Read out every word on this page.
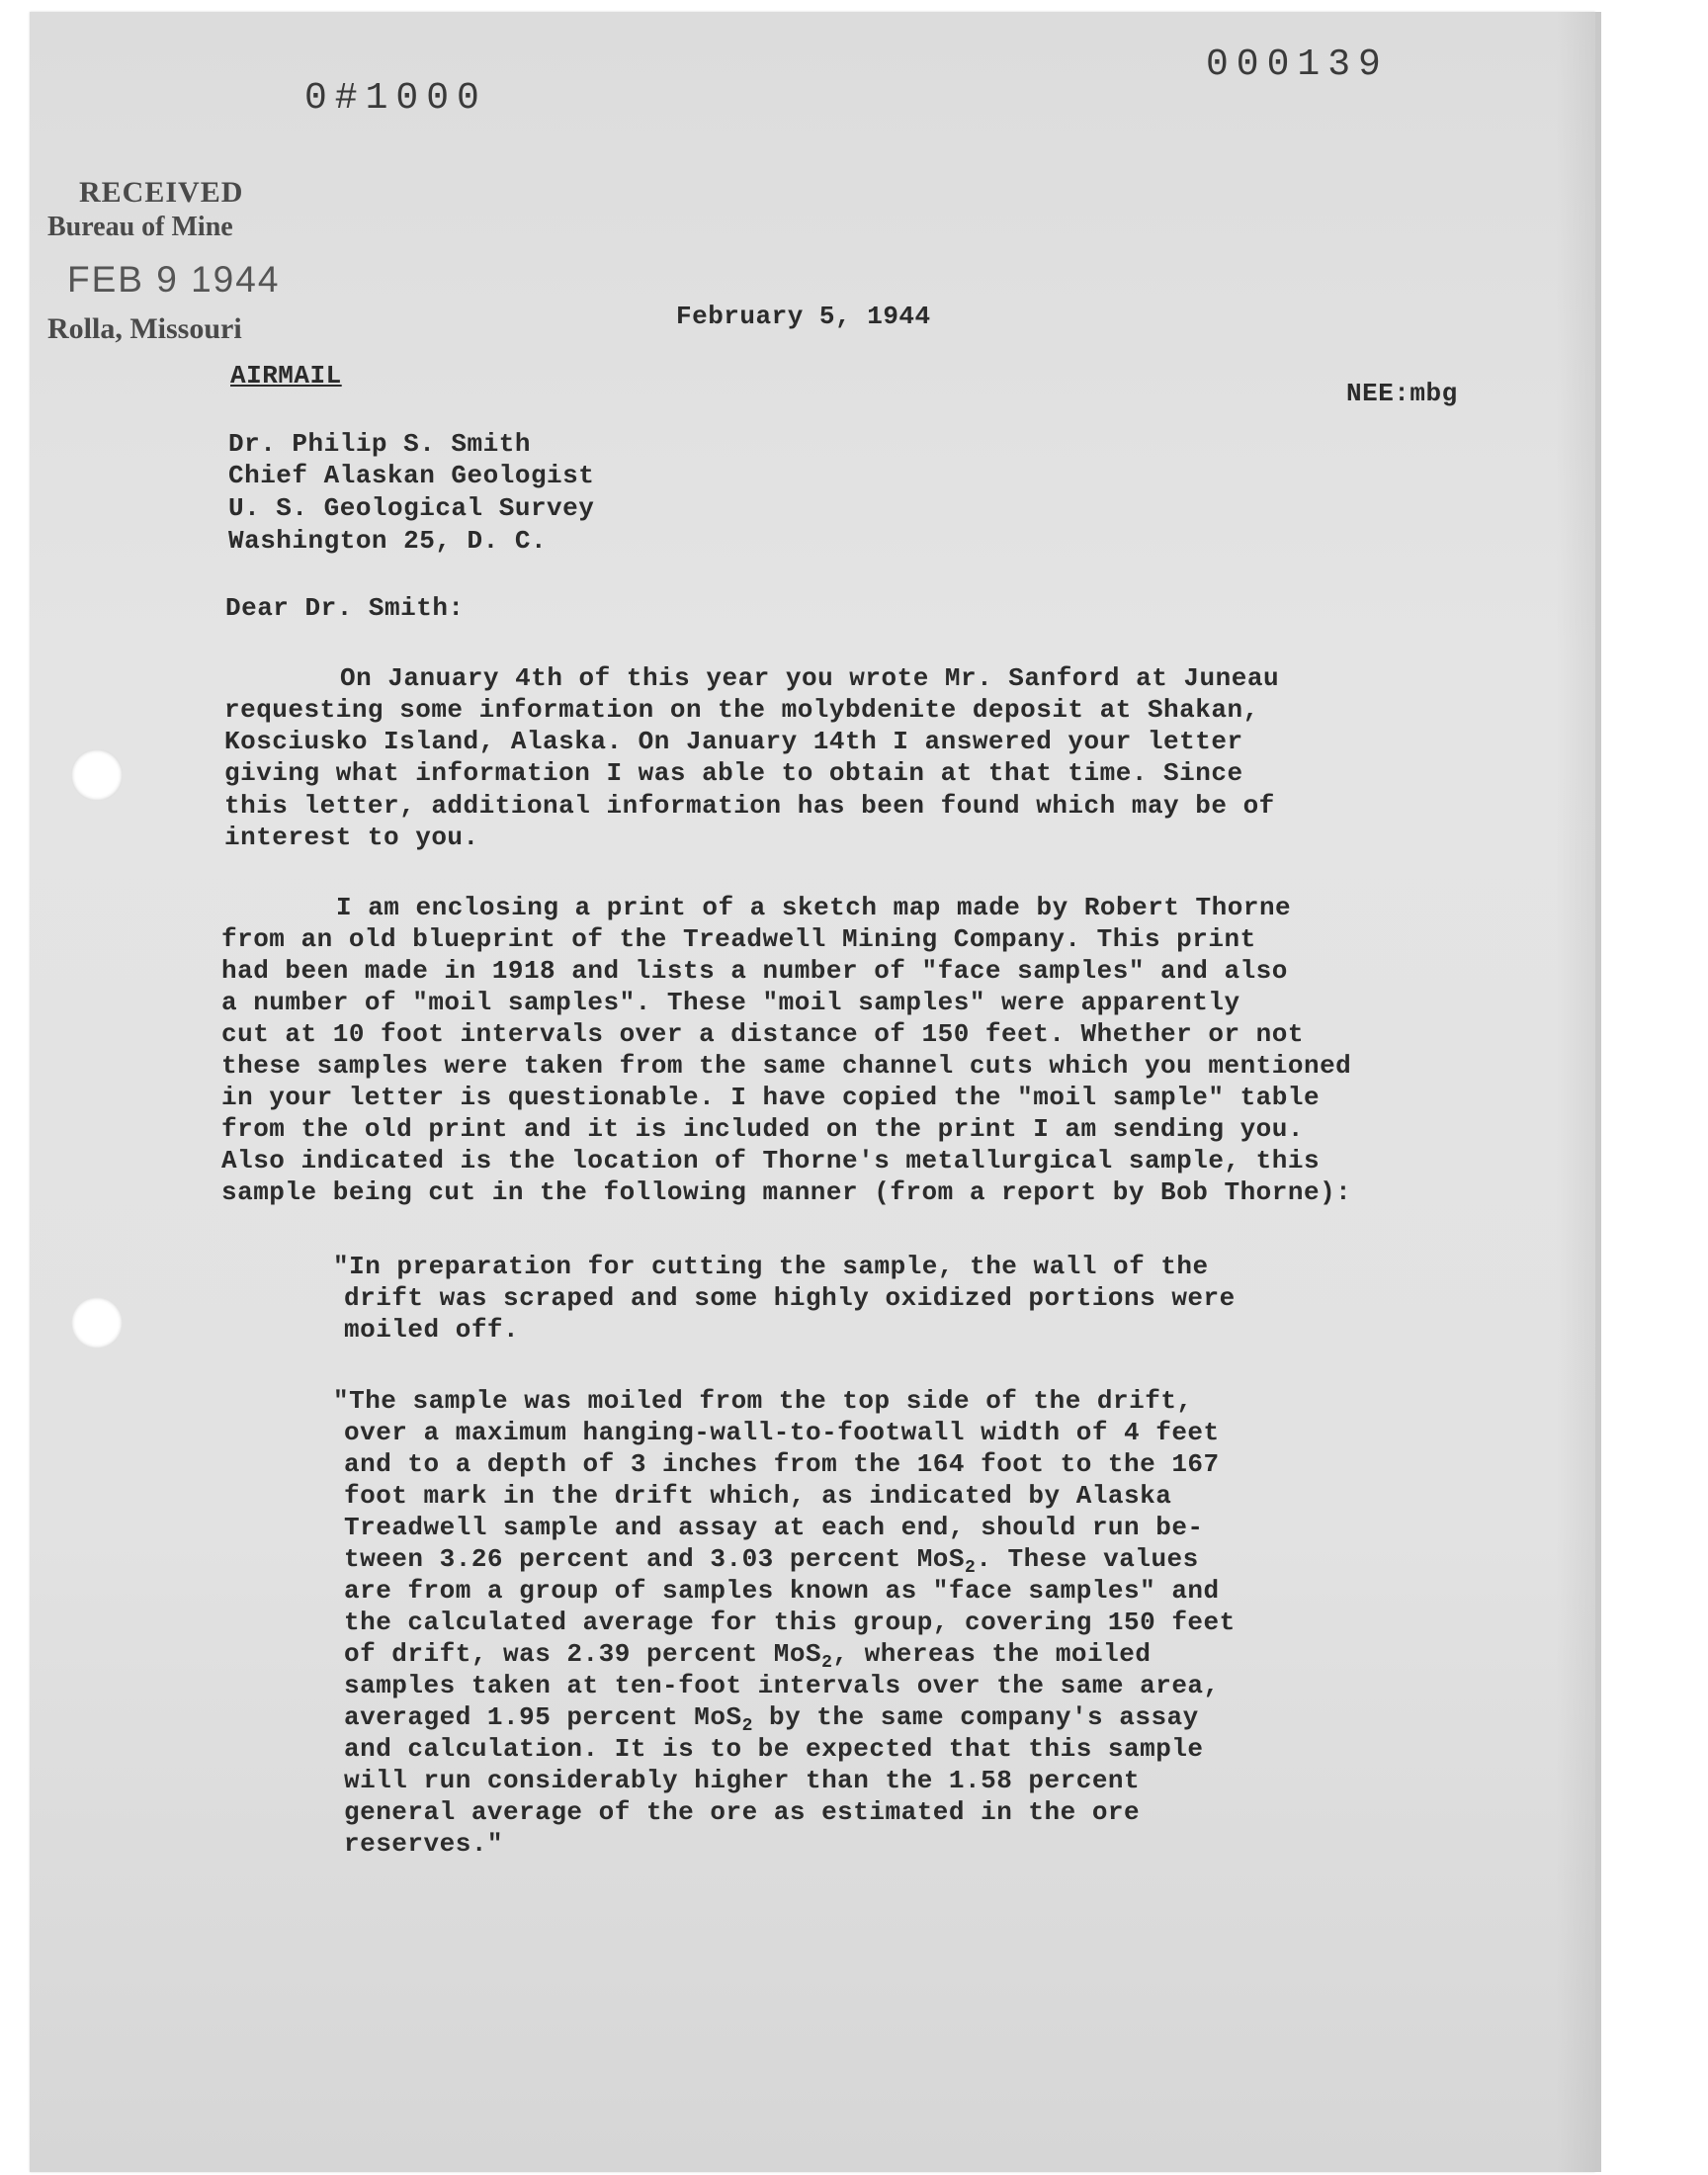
0#1000
000139
RECEIVED
Bureau of Mine
FEB 9 1944
Rolla, Missouri	February 5, 1944
AIRMAIL
NEE:mbg
Dr. Philip S. Smith
Chief Alaskan Geologist
U. S. Geological Survey
Washington 25, D. C.
Dear Dr. Smith:
On January 4th of this year you wrote Mr. Sanford at Juneau
requesting some information on the molybdenite deposit at Shakan,
Kosciusko Island, Alaska. On January 14th I answered your letter
giving what information I was able to obtain at that time. Since
this letter, additional information has been found which may be of
interest to you.
I am enclosing a print of a sketch map made by Robert Thorne
from an old blueprint of the Treadwell Mining Company. This print
had been made in 1918 and lists a number of "face samples" and also
a number of "moil samples". These "moil samples" were apparently
cut at 10 foot intervals over a distance of 150 feet. Whether or not
these samples were taken from the same channel cuts which you mentioned
in your letter is questionable. I have copied the "moil sample" table
from the old print and it is included on the print I am sending you.
Also indicated is the location of Thorne's metallurgical sample, this
sample being cut in the following manner (from a report by Bob Thorne):
"In preparation for cutting the sample, the wall of the
drift was scraped and some highly oxidized portions were
moiled off.
"The sample was moiled from the top side of the drift,
over a maximum hanging-wall-to-footwall width of 4 feet
and to a depth of 3 inches from the 164 foot to the 167
foot mark in the drift which, as indicated by Alaska
Treadwell sample and assay at each end, should run be-
tween 3.26 percent and 3.03 percent MoS$_2$. These values
are from a group of samples known as "face samples" and
the calculated average for this group, covering 150 feet
of drift, was 2.39 percent MoS$_2$, whereas the moiled
samples taken at ten-foot intervals over the same area,
averaged 1.95 percent MoS$_2$ by the same company's assay
and calculation. It is to be expected that this sample
will run considerably higher than the 1.58 percent
general average of the ore as estimated in the ore
reserves."
